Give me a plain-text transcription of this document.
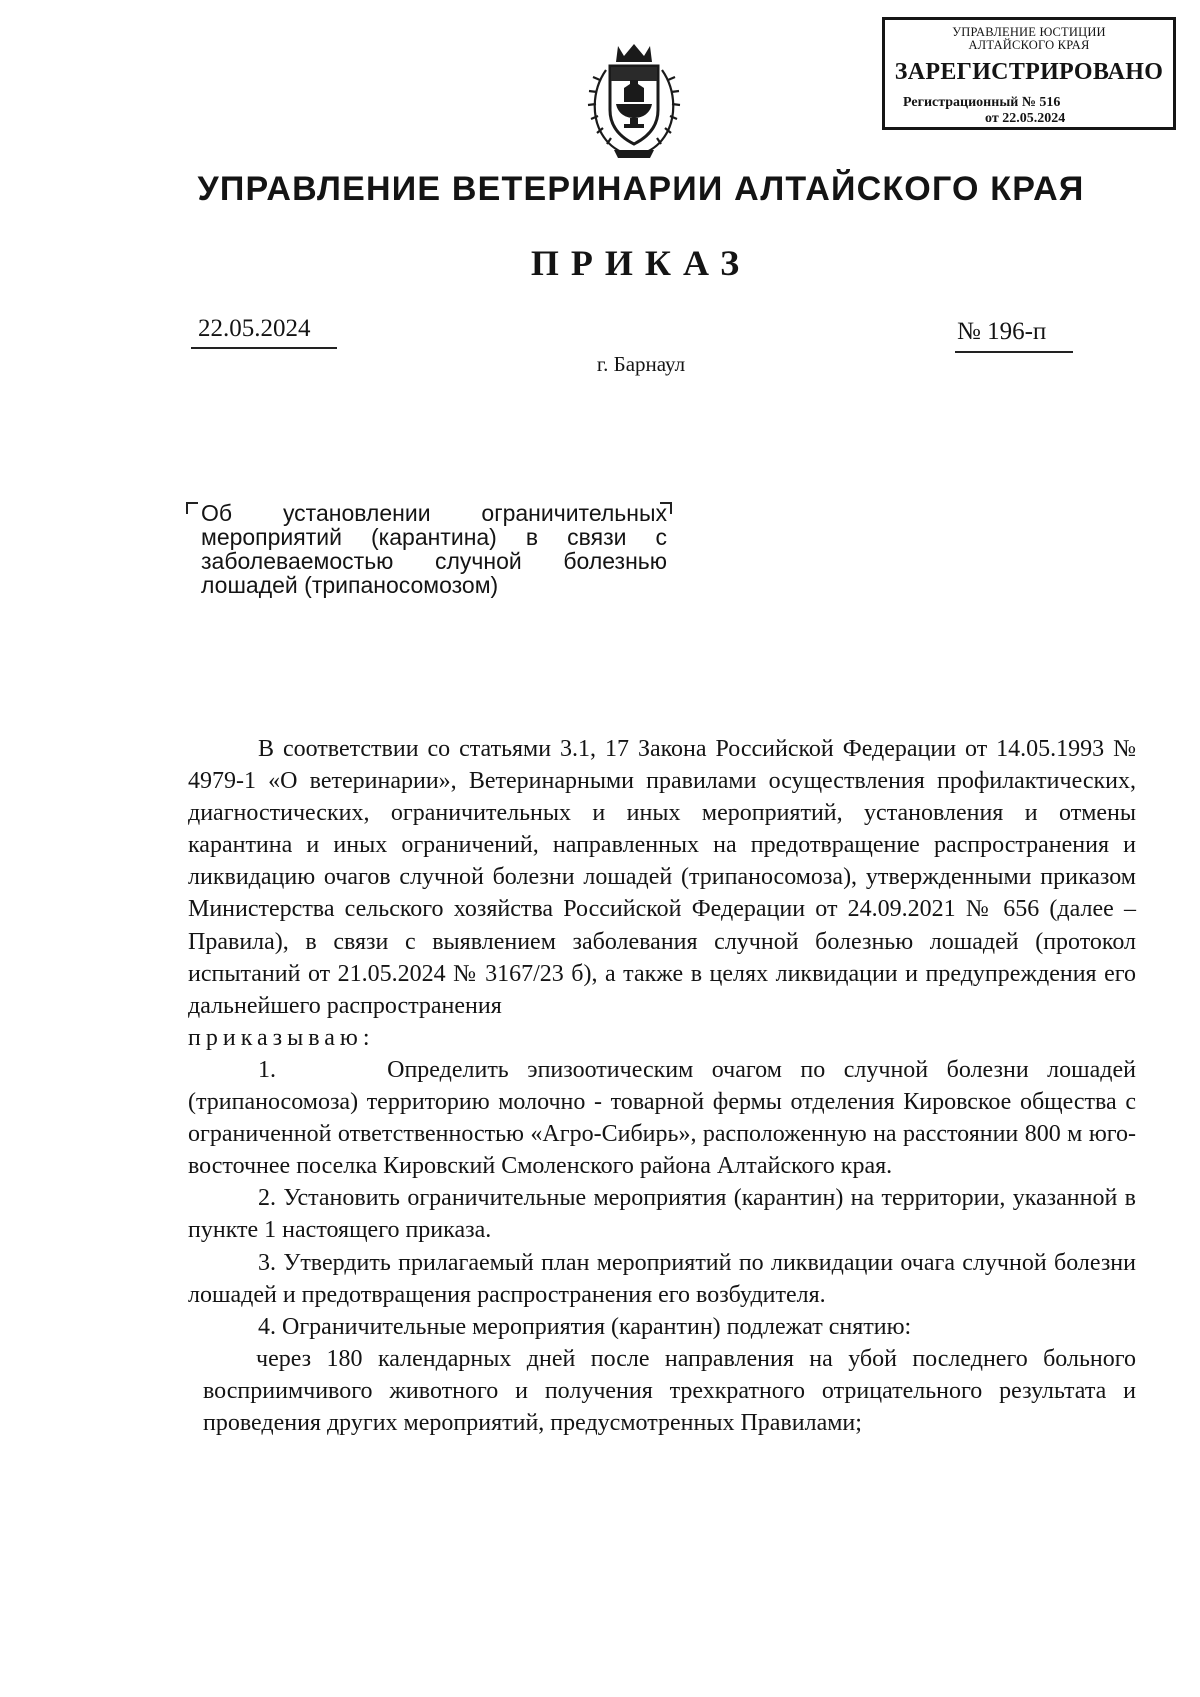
УПРАВЛЕНИЕ ЮСТИЦИИ
АЛТАЙСКОГО КРАЯ
ЗАРЕГИСТРИРОВАНО
Регистрационный № 516
от 22.05.2024
УПРАВЛЕНИЕ ВЕТЕРИНАРИИ АЛТАЙСКОГО КРАЯ
ПРИКАЗ
22.05.2024	№ 196-п
г. Барнаул
Об установлении ограничительных мероприятий (карантина) в связи с заболеваемостью случной болезнью лошадей (трипаносомозом)

В соответствии со статьями 3.1, 17 Закона Российской Федерации от 14.05.1993 № 4979-1 «О ветеринарии», Ветеринарными правилами осуществления профилактических, диагностических, ограничительных и иных мероприятий, установления и отмены карантина и иных ограничений, направленных на предотвращение распространения и ликвидацию очагов случной болезни лошадей (трипаносомоза), утвержденными приказом Министерства сельского хозяйства Российской Федерации от 24.09.2021 № 656 (далее – Правила), в связи с выявлением заболевания случной болезнью лошадей (протокол испытаний от 21.05.2024 № 3167/23 б), а также в целях ликвидации и предупреждения его дальнейшего распространения

приказываю:

1.	Определить эпизоотическим очагом по случной болезни лошадей (трипаносомоза) территорию молочно - товарной фермы отделения Кировское общества с ограниченной ответственностью «Агро-Сибирь», расположенную на расстоянии 800 м юго-восточнее поселка Кировский Смоленского района Алтайского края.

2. Установить ограничительные мероприятия (карантин) на территории, указанной в пункте 1 настоящего приказа.

3. Утвердить прилагаемый план мероприятий по ликвидации очага случной болезни лошадей и предотвращения распространения его возбудителя.

4. Ограничительные мероприятия (карантин) подлежат снятию:

через 180 календарных дней после направления на убой последнего больного восприимчивого животного и получения трехкратного отрицательного результата и проведения других мероприятий, предусмотренных Правилами;
